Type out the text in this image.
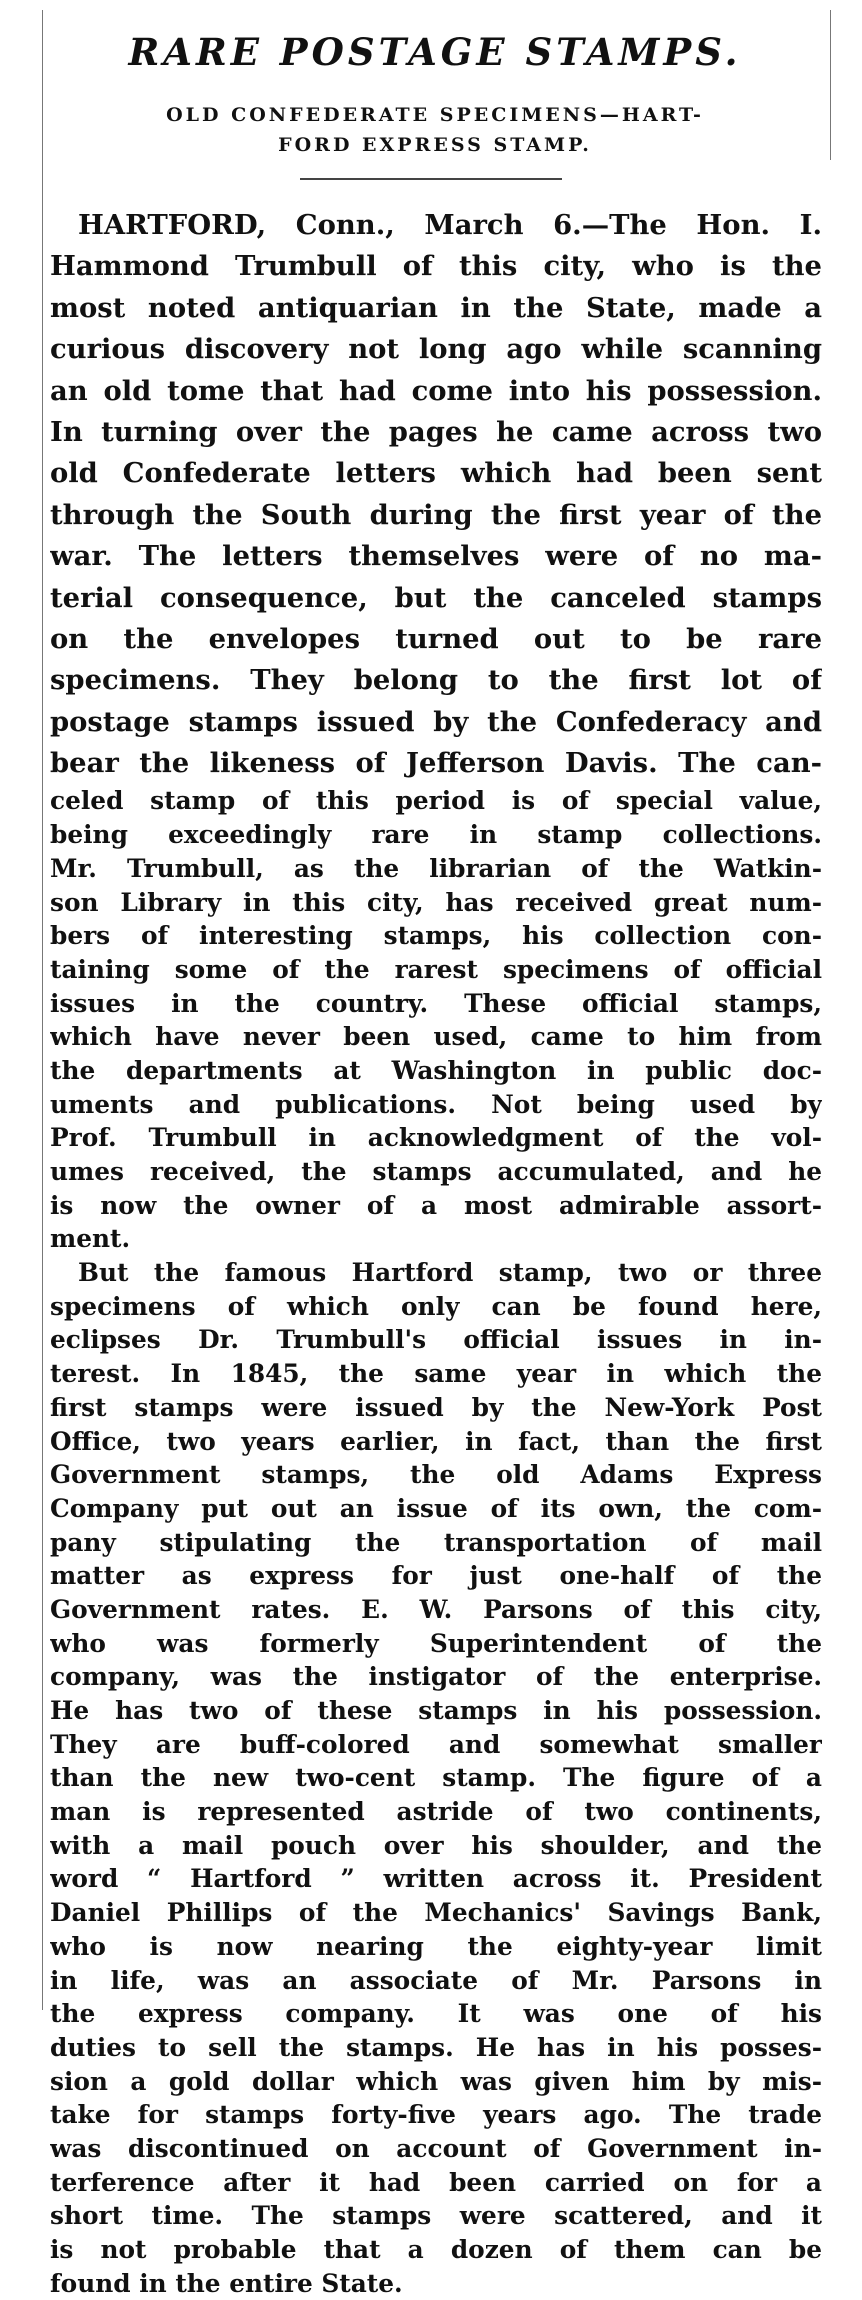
RARE POSTAGE STAMPS.
OLD CONFEDERATE SPECIMENS—HART-
FORD EXPRESS STAMP.
HARTFORD, Conn., March 6.—The Hon. I.
Hammond Trumbull of this city, who is the
most noted antiquarian in the State, made a
curious discovery not long ago while scanning
an old tome that had come into his possession.
In turning over the pages he came across two
old Confederate letters which had been sent
through the South during the first year of the
war. The letters themselves were of no ma-
terial consequence, but the canceled stamps
on the envelopes turned out to be rare
specimens. They belong to the first lot of
postage stamps issued by the Confederacy and
bear the likeness of Jefferson Davis. The can-
celed stamp of this period is of special value,
being exceedingly rare in stamp collections.
Mr. Trumbull, as the librarian of the Watkin-
son Library in this city, has received great num-
bers of interesting stamps, his collection con-
taining some of the rarest specimens of official
issues in the country. These official stamps,
which have never been used, came to him from
the departments at Washington in public doc-
uments and publications. Not being used by
Prof. Trumbull in acknowledgment of the vol-
umes received, the stamps accumulated, and he
is now the owner of a most admirable assort-
ment.
But the famous Hartford stamp, two or three
specimens of which only can be found here,
eclipses Dr. Trumbull's official issues in in-
terest. In 1845, the same year in which the
first stamps were issued by the New-York Post
Office, two years earlier, in fact, than the first
Government stamps, the old Adams Express
Company put out an issue of its own, the com-
pany stipulating the transportation of mail
matter as express for just one-half of the
Government rates. E. W. Parsons of this city,
who was formerly Superintendent of the
company, was the instigator of the enterprise.
He has two of these stamps in his possession.
They are buff-colored and somewhat smaller
than the new two-cent stamp. The figure of a
man is represented astride of two continents,
with a mail pouch over his shoulder, and the
word “ Hartford ” written across it. President
Daniel Phillips of the Mechanics' Savings Bank,
who is now nearing the eighty-year limit
in life, was an associate of Mr. Parsons in
the express company. It was one of his
duties to sell the stamps. He has in his posses-
sion a gold dollar which was given him by mis-
take for stamps forty-five years ago. The trade
was discontinued on account of Government in-
terference after it had been carried on for a
short time. The stamps were scattered, and it
is not probable that a dozen of them can be
found in the entire State.
